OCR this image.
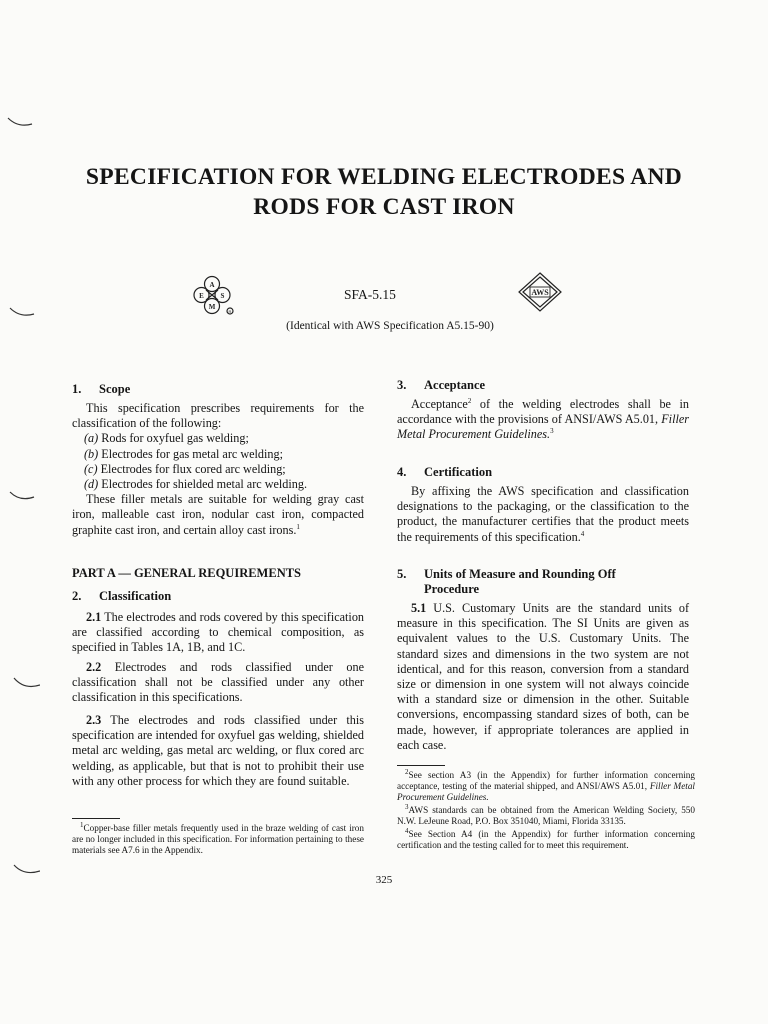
SPECIFICATION FOR WELDING ELECTRODES AND
RODS FOR CAST IRON
A
E S
M
R
SFA-5.15	AWS
(Identical with AWS Specification A5.15-90)
1. Scope
This specification prescribes requirements for the classification of the following:
(a) Rods for oxyfuel gas welding;
(b) Electrodes for gas metal arc welding;
(c) Electrodes for flux cored arc welding;
(d) Electrodes for shielded metal arc welding.
These filler metals are suitable for welding gray cast iron, malleable cast iron, nodular cast iron, compacted graphite cast iron, and certain alloy cast irons.$^1$
PART A — GENERAL REQUIREMENTS
2. Classification
2.1 The electrodes and rods covered by this specification are classified according to chemical composition, as specified in Tables 1A, 1B, and 1C.
2.2 Electrodes and rods classified under one classification shall not be classified under any other classification in this specifications.
2.3 The electrodes and rods classified under this specification are intended for oxyfuel gas welding, shielded metal arc welding, gas metal arc welding, or flux cored arc welding, as applicable, but that is not to prohibit their use with any other process for which they are found suitable.
$^1$Copper-base filler metals frequently used in the braze welding of cast iron are no longer included in this specification. For information pertaining to these materials see A7.6 in the Appendix.
3. Acceptance
Acceptance$^2$ of the welding electrodes shall be in accordance with the provisions of ANSI/AWS A5.01, Filler Metal Procurement Guidelines.$^3$
4. Certification
By affixing the AWS specification and classification designations to the packaging, or the classification to the product, the manufacturer certifies that the product meets the requirements of this specification.$^4$
5. Units of Measure and Rounding Off
Procedure
5.1 U.S. Customary Units are the standard units of measure in this specification. The SI Units are given as equivalent values to the U.S. Customary Units. The standard sizes and dimensions in the two system are not identical, and for this reason, conversion from a standard size or dimension in one system will not always coincide with a standard size or dimension in the other. Suitable conversions, encompassing standard sizes of both, can be made, however, if appropriate tolerances are applied in each case.
$^2$See section A3 (in the Appendix) for further information concerning acceptance, testing of the material shipped, and ANSI/AWS A5.01, Filler Metal Procurement Guidelines.
$^3$AWS standards can be obtained from the American Welding Society, 550 N.W. LeJeune Road, P.O. Box 351040, Miami, Florida 33135.
$^4$See Section A4 (in the Appendix) for further information concerning certification and the testing called for to meet this requirement.
325
